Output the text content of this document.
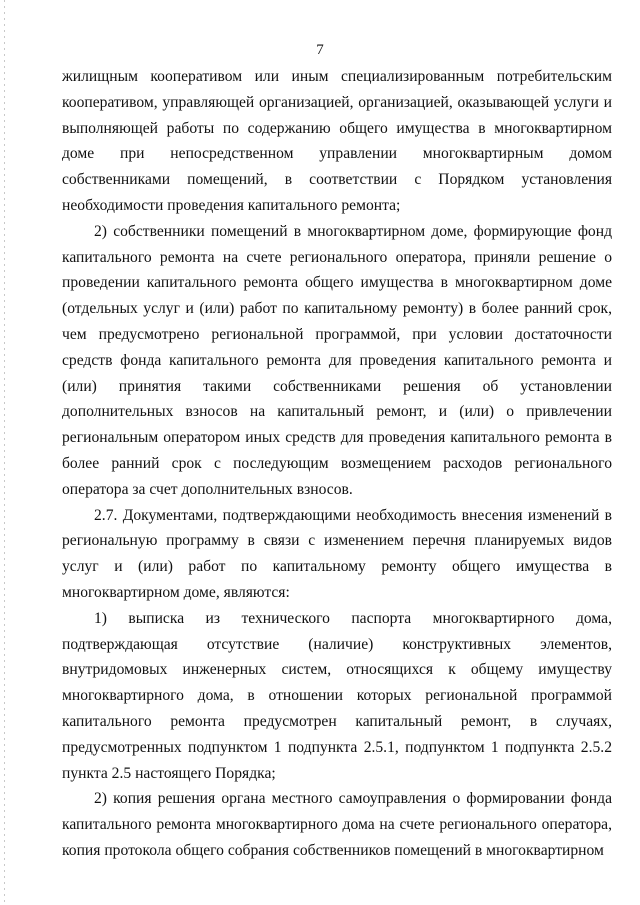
7

жилищным кооперативом или иным специализированным потребительским кооперативом, управляющей организацией, организацией, оказывающей услуги и выполняющей работы по содержанию общего имущества в многоквартирном доме при непосредственном управлении многоквартирным домом собственниками помещений, в соответствии с Порядком установления необходимости проведения капитального ремонта;

2) собственники помещений в многоквартирном доме, формирующие фонд капитального ремонта на счете регионального оператора, приняли решение о проведении капитального ремонта общего имущества в многоквартирном доме (отдельных услуг и (или) работ по капитальному ремонту) в более ранний срок, чем предусмотрено региональной программой, при условии достаточности средств фонда капитального ремонта для проведения капитального ремонта и (или) принятия такими собственниками решения об установлении дополнительных взносов на капитальный ремонт, и (или) о привлечении региональным оператором иных средств для проведения капитального ремонта в более ранний срок с последующим возмещением расходов регионального оператора за счет дополнительных взносов.

2.7. Документами, подтверждающими необходимость внесения изменений в региональную программу в связи с изменением перечня планируемых видов услуг и (или) работ по капитальному ремонту общего имущества в многоквартирном доме, являются:

1) выписка из технического паспорта многоквартирного дома, подтверждающая отсутствие (наличие) конструктивных элементов, внутридомовых инженерных систем, относящихся к общему имуществу многоквартирного дома, в отношении которых региональной программой капитального ремонта предусмотрен капитальный ремонт, в случаях, предусмотренных подпунктом 1 подпункта 2.5.1, подпунктом 1 подпункта 2.5.2 пункта 2.5 настоящего Порядка;

2) копия решения органа местного самоуправления о формировании фонда капитального ремонта многоквартирного дома на счете регионального оператора, копия протокола общего собрания собственников помещений в многоквартирном
